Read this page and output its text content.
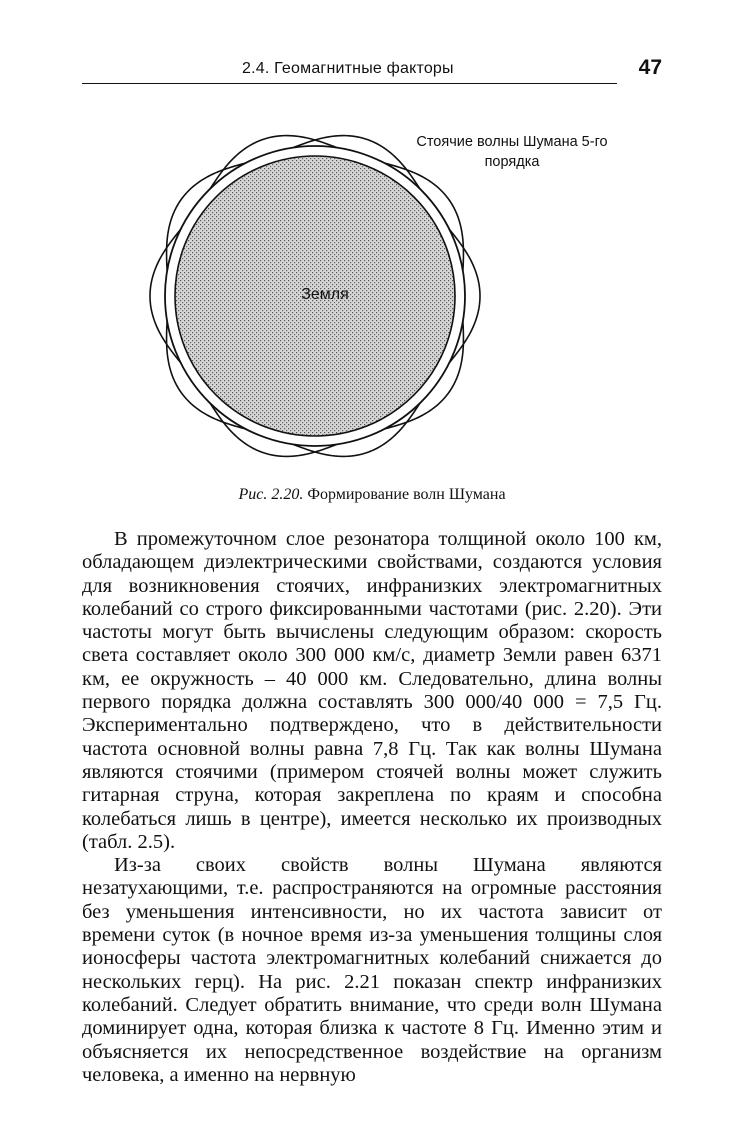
2.4. Геомагнитные факторы	47
Стоячие волны Шумана 5-го порядка
Земля
Рис. 2.20. Формирование волн Шумана

В промежуточном слое резонатора толщиной около 100 км, обладающем диэлектрическими свойствами, создаются условия для возникновения стоячих, инфранизких электромагнитных колебаний со строго фиксированными частотами (рис. 2.20). Эти частоты могут быть вычислены следующим образом: скорость света составляет около 300 000 км/с, диаметр Земли равен 6371 км, ее окружность – 40 000 км. Следовательно, длина волны первого порядка должна составлять 300 000/40 000 = 7,5 Гц. Экспериментально подтверждено, что в действительности частота основной волны равна 7,8 Гц. Так как волны Шумана являются стоячими (примером стоячей волны может служить гитарная струна, которая закреплена по краям и способна колебаться лишь в центре), имеется несколько их производных (табл. 2.5).

Из-за своих свойств волны Шумана являются незатухающими, т.е. распространяются на огромные расстояния без уменьшения интенсивности, но их частота зависит от времени суток (в ночное время из-за уменьшения толщины слоя ионосферы частота электромагнитных колебаний снижается до нескольких герц). На рис. 2.21 показан спектр инфранизких колебаний. Следует обратить внимание, что среди волн Шумана доминирует одна, которая близка к частоте 8 Гц. Именно этим и объясняется их непосредственное воздействие на организм человека, а именно на нервную
